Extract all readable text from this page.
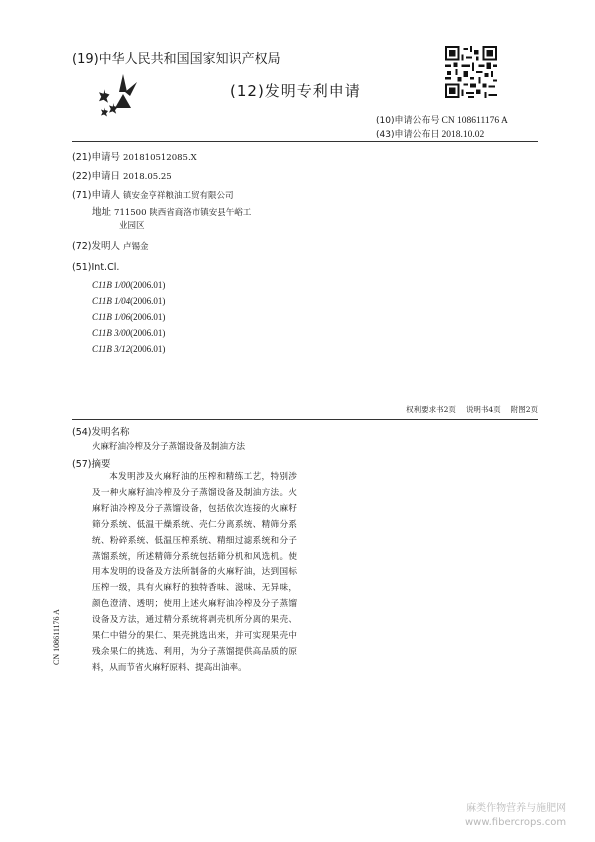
(19)中华人民共和国国家知识产权局
(12)发明专利申请
(10)申请公布号 CN 108611176 A
(43)申请公布日 2018.10.02
(21)申请号 201810512085.X
(22)申请日 2018.05.25
(71)申请人 镇安金亨祥粮油工贸有限公司
地址 711500 陕西省商洛市镇安县午峪工
业园区
(72)发明人 卢锡金
(51)Int.Cl.
C11B 1/00(2006.01)
C11B 1/04(2006.01)
C11B 1/06(2006.01)
C11B 3/00(2006.01)
C11B 3/12(2006.01)
权利要求书2页 说明书4页 附图2页
(54)发明名称
火麻籽油冷榨及分子蒸馏设备及制油方法
(57)摘要
本发明涉及火麻籽油的压榨和精练工艺，特别涉及一种火麻籽油冷榨及分子蒸馏设备及制油方法。火麻籽油冷榨及分子蒸馏设备，包括依次连接的火麻籽筛分系统、低温干燥系统、壳仁分离系统、精筛分系统、粉碎系统、低温压榨系统、精细过滤系统和分子蒸馏系统，所述精筛分系统包括筛分机和风选机。使用本发明的设备及方法所制备的火麻籽油，达到国标压榨一级，具有火麻籽的独特香味、滋味、无异味，颜色澄清、透明；使用上述火麻籽油冷榨及分子蒸馏设备及方法，通过精分系统将剥壳机所分离的果壳、果仁中错分的果仁、果壳挑选出来，并可实现果壳中残余果仁的挑选、利用，为分子蒸馏提供高品质的原料，从而节省火麻籽原料、提高出油率。
CN 108611176 A
麻类作物营养与施肥网
www.fibercrops.com
